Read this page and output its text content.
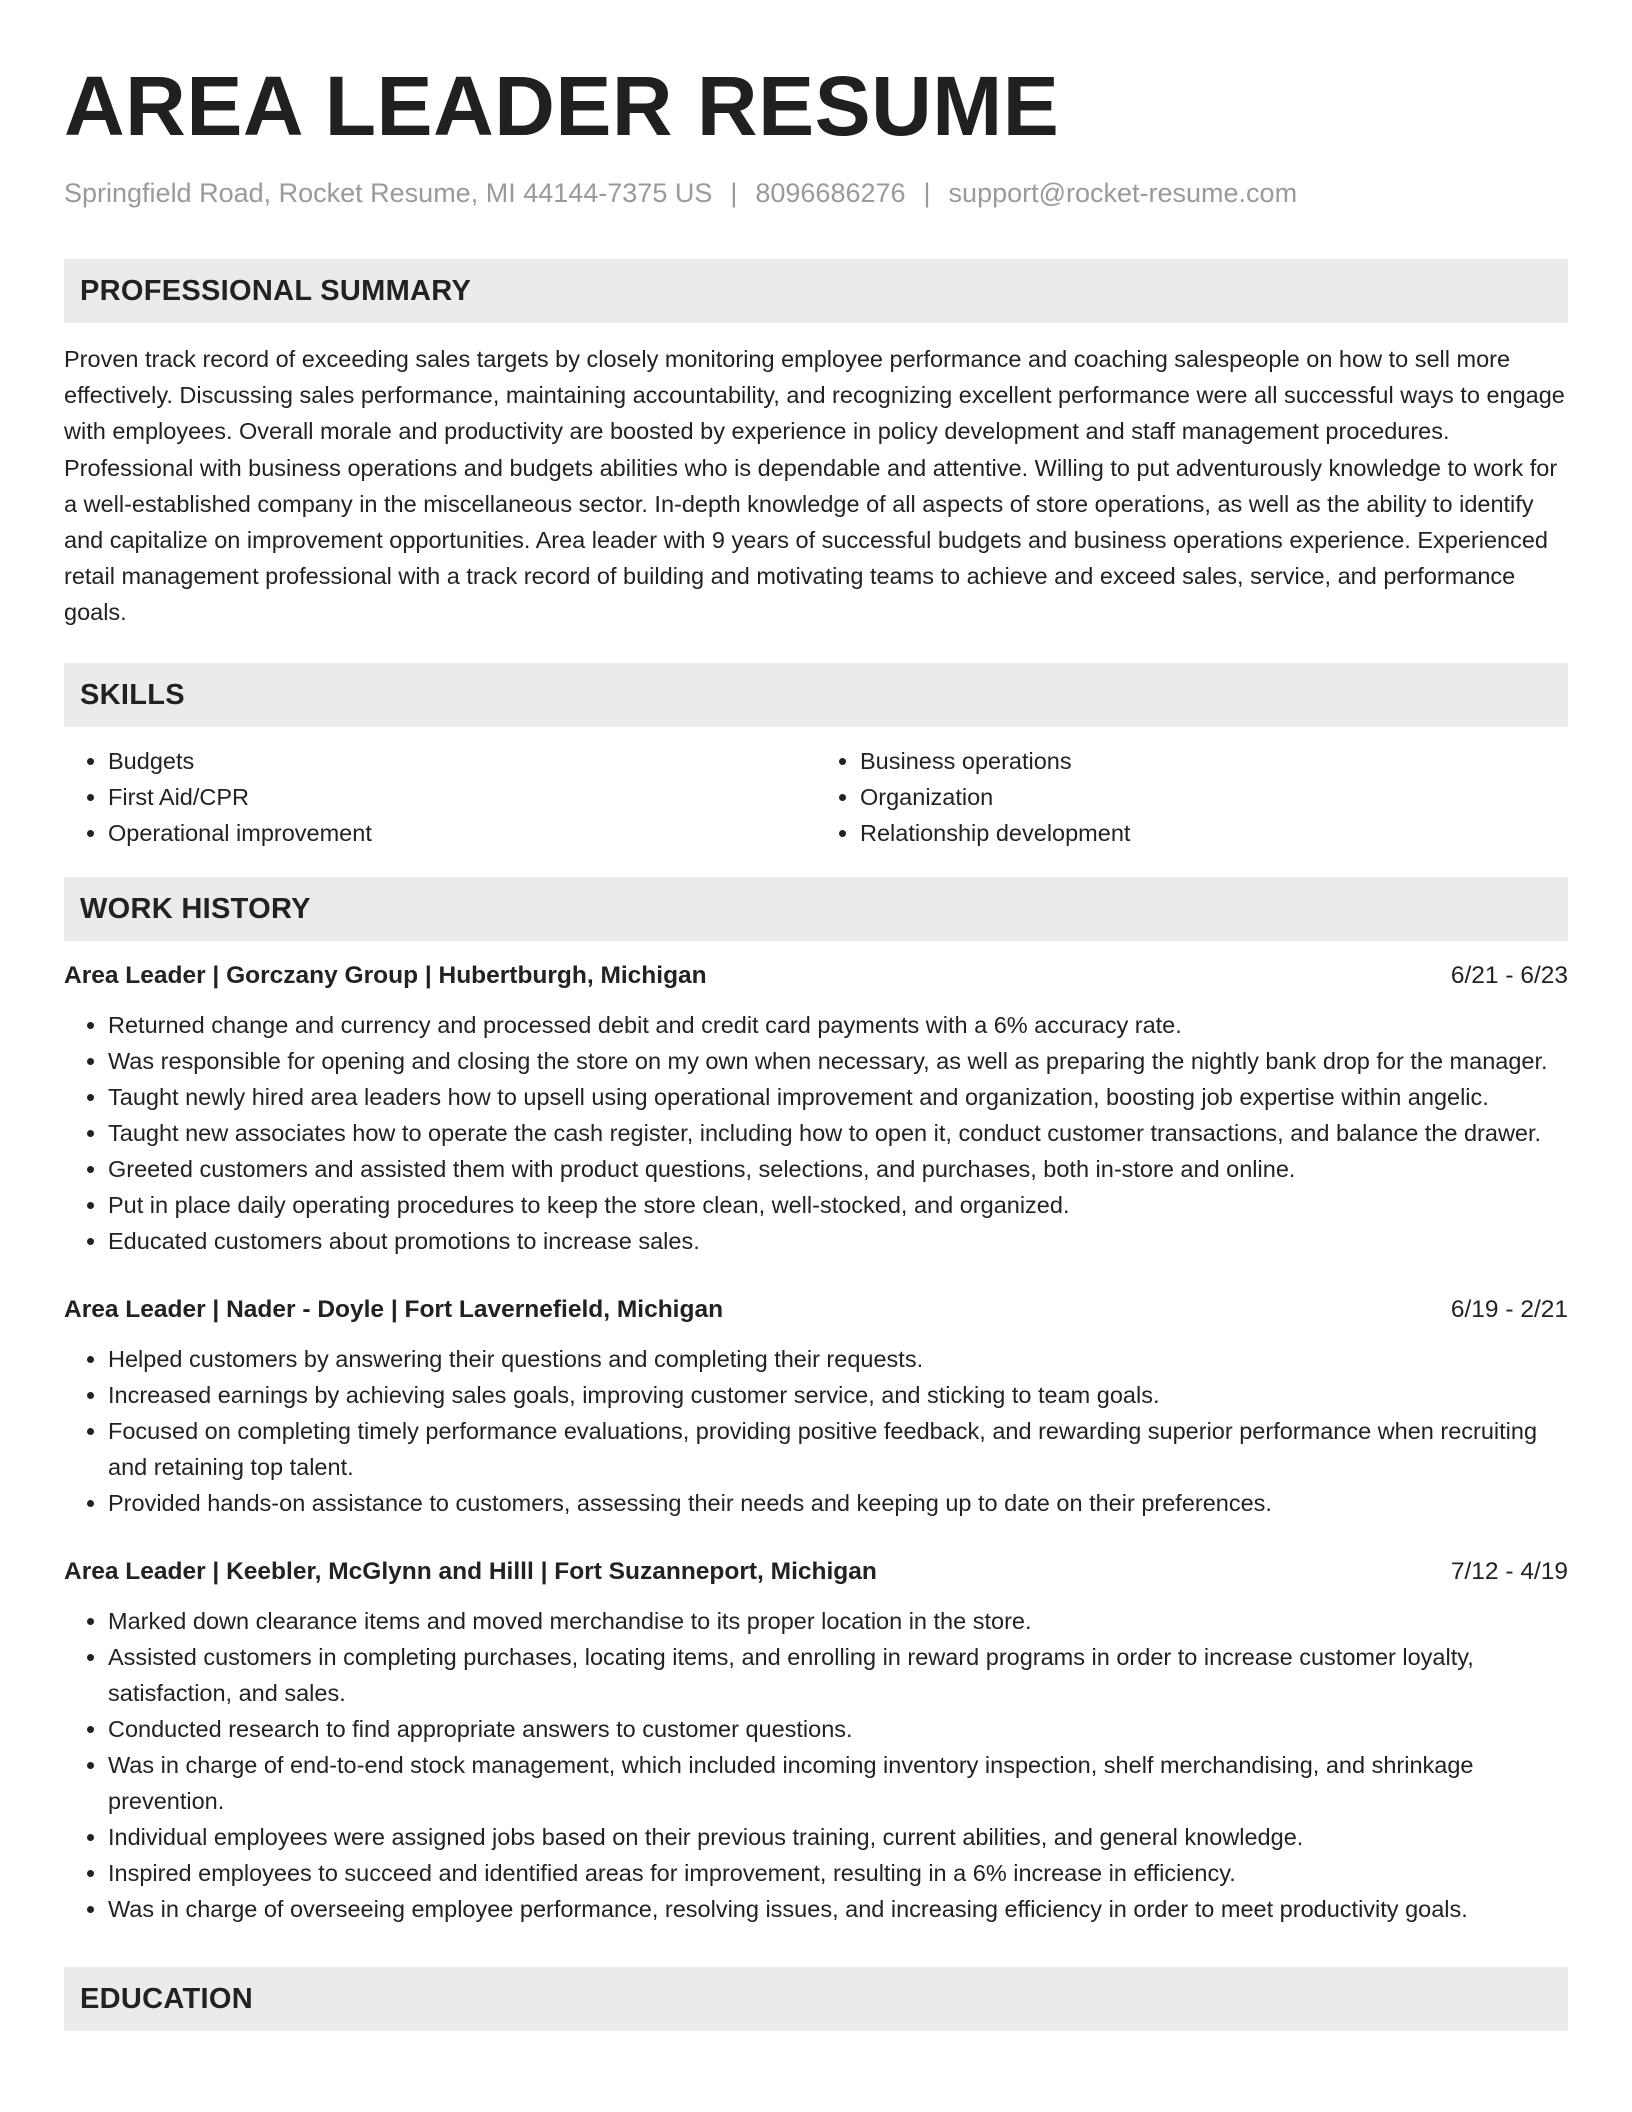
AREA LEADER RESUME
Springfield Road, Rocket Resume, MI 44144-7375 US | 8096686276 | support@rocket-resume.com
PROFESSIONAL SUMMARY
Proven track record of exceeding sales targets by closely monitoring employee performance and coaching salespeople on how to sell more effectively. Discussing sales performance, maintaining accountability, and recognizing excellent performance were all successful ways to engage with employees. Overall morale and productivity are boosted by experience in policy development and staff management procedures. Professional with business operations and budgets abilities who is dependable and attentive. Willing to put adventurously knowledge to work for a well-established company in the miscellaneous sector. In-depth knowledge of all aspects of store operations, as well as the ability to identify and capitalize on improvement opportunities. Area leader with 9 years of successful budgets and business operations experience. Experienced retail management professional with a track record of building and motivating teams to achieve and exceed sales, service, and performance goals.
SKILLS
• Budgets
• First Aid/CPR
• Operational improvement
• Business operations
• Organization
• Relationship development
WORK HISTORY
Area Leader | Gorczany Group | Hubertburgh, Michigan	6/21 - 6/23
• Returned change and currency and processed debit and credit card payments with a 6% accuracy rate.
• Was responsible for opening and closing the store on my own when necessary, as well as preparing the nightly bank drop for the manager.
• Taught newly hired area leaders how to upsell using operational improvement and organization, boosting job expertise within angelic.
• Taught new associates how to operate the cash register, including how to open it, conduct customer transactions, and balance the drawer.
• Greeted customers and assisted them with product questions, selections, and purchases, both in-store and online.
• Put in place daily operating procedures to keep the store clean, well-stocked, and organized.
• Educated customers about promotions to increase sales.
Area Leader | Nader - Doyle | Fort Lavernefield, Michigan	6/19 - 2/21
• Helped customers by answering their questions and completing their requests.
• Increased earnings by achieving sales goals, improving customer service, and sticking to team goals.
• Focused on completing timely performance evaluations, providing positive feedback, and rewarding superior performance when recruiting and retaining top talent.
• Provided hands-on assistance to customers, assessing their needs and keeping up to date on their preferences.
Area Leader | Keebler, McGlynn and Hilll | Fort Suzanneport, Michigan	7/12 - 4/19
• Marked down clearance items and moved merchandise to its proper location in the store.
• Assisted customers in completing purchases, locating items, and enrolling in reward programs in order to increase customer loyalty, satisfaction, and sales.
• Conducted research to find appropriate answers to customer questions.
• Was in charge of end-to-end stock management, which included incoming inventory inspection, shelf merchandising, and shrinkage prevention.
• Individual employees were assigned jobs based on their previous training, current abilities, and general knowledge.
• Inspired employees to succeed and identified areas for improvement, resulting in a 6% increase in efficiency.
• Was in charge of overseeing employee performance, resolving issues, and increasing efficiency in order to meet productivity goals.
EDUCATION
